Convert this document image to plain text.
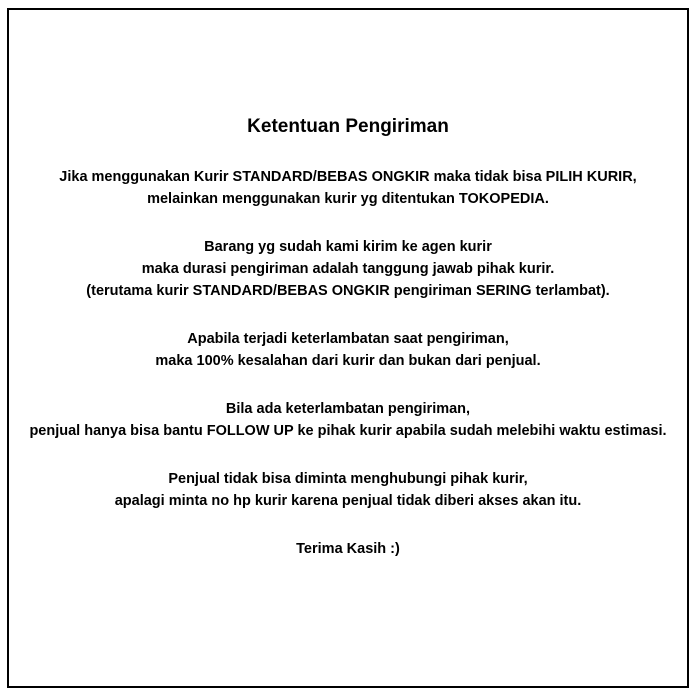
Ketentuan Pengiriman
Jika menggunakan Kurir STANDARD/BEBAS ONGKIR maka tidak bisa PILIH KURIR,
melainkan menggunakan kurir yg ditentukan TOKOPEDIA.
Barang yg sudah kami kirim ke agen kurir
maka durasi pengiriman adalah tanggung jawab pihak kurir.
(terutama kurir STANDARD/BEBAS ONGKIR pengiriman SERING terlambat).
Apabila terjadi keterlambatan saat pengiriman,
maka 100% kesalahan dari kurir dan bukan dari penjual.
Bila ada keterlambatan pengiriman,
penjual hanya bisa bantu FOLLOW UP ke pihak kurir apabila sudah melebihi waktu estimasi.
Penjual tidak bisa diminta menghubungi pihak kurir,
apalagi minta no hp kurir karena penjual tidak diberi akses akan itu.
Terima Kasih :)
